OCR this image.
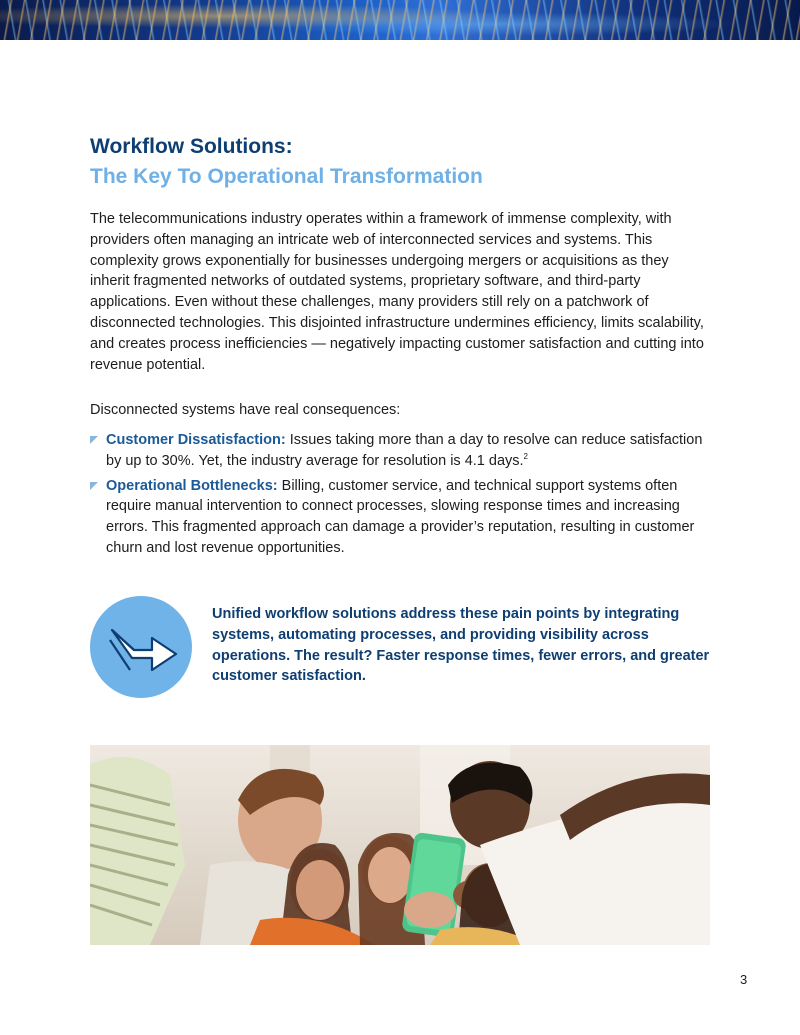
Workflow Solutions:
The Key To Operational Transformation

The telecommunications industry operates within a framework of immense complexity, with providers often managing an intricate web of interconnected services and systems. This complexity grows exponentially for businesses undergoing mergers or acquisitions as they inherit fragmented networks of outdated systems, proprietary software, and third-party applications. Even without these challenges, many providers still rely on a patchwork of disconnected technologies. This disjointed infrastructure undermines efficiency, limits scalability, and creates process inefficiencies — negatively impacting customer satisfaction and cutting into revenue potential.

Disconnected systems have real consequences:

Customer Dissatisfaction: Issues taking more than a day to resolve can reduce satisfaction by up to 30%. Yet, the industry average for resolution is 4.1 days.$^2$
Operational Bottlenecks: Billing, customer service, and technical support systems often require manual intervention to connect processes, slowing response times and increasing errors. This fragmented approach can damage a provider’s reputation, resulting in customer churn and lost revenue opportunities.

Unified workflow solutions address these pain points by integrating systems, automating processes, and providing visibility across operations. The result? Faster response times, fewer errors, and greater customer satisfaction.

3
